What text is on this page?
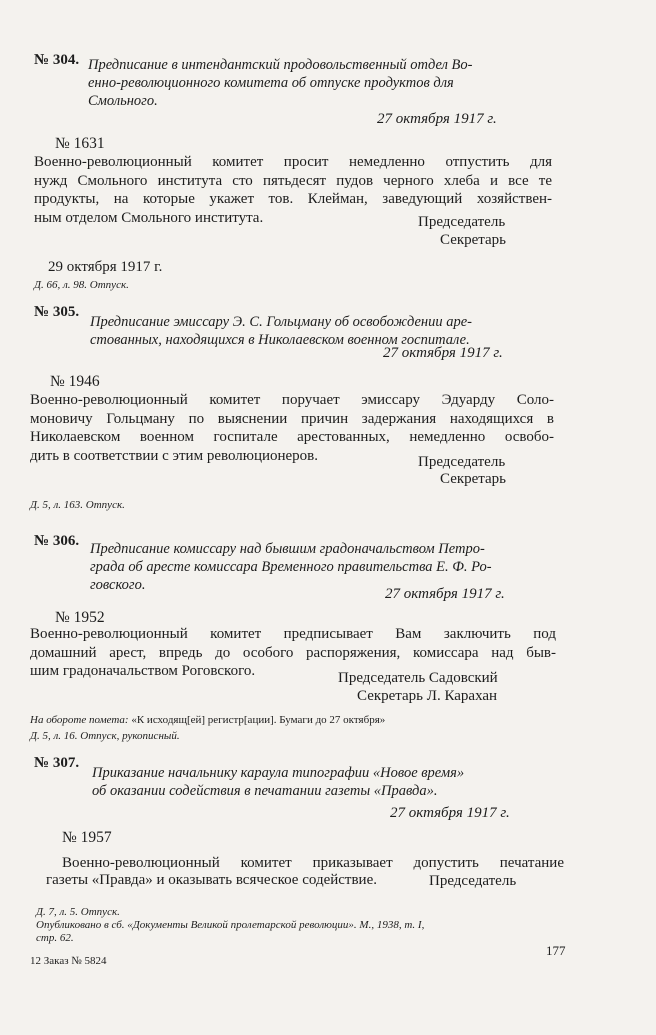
№ 304. Предписание в интендантский продовольственный отдел Во-
енно-революционного комитета об отпуске продуктов для
Смольного.
27 октября 1917 г.
№ 1631
Военно-революционный комитет просит немедленно отпустить для
нужд Смольного института сто пятьдесят пудов черного хлеба и все те
продукты, на которые укажет тов. Клейман, заведующий хозяйствен-
ным отделом Смольного института.	Председатель
Секретарь
29 октября 1917 г.
Д. 66, л. 98. Отпуск.
№ 305.
Предписание эмиссару Э. С. Гольцману об освобождении аре-
стованных, находящихся в Николаевском военном госпитале.
27 октября 1917 г.
№ 1946
Военно-революционный комитет поручает эмиссару Эдуарду Соло-
моновичу Гольцману по выяснении причин задержания находящихся в
Николаевском военном госпитале арестованных, немедленно освобо-
дить в соответствии с этим революционеров.	Председатель
Секретарь
Д. 5, л. 163. Отпуск.
№ 306. Предписание комиссару над бывшим градоначальством Петро-
града об аресте комиссара Временного правительства Е. Ф. Ро-
говского.
27 октября 1917 г.
№ 1952
Военно-революционный комитет предписывает Вам заключить под
домашний арест, впредь до особого распоряжения, комиссара над быв-
шим градоначальством Роговского.	Председатель Садовский
Секретарь Л. Карахан
На обороте помета: «К исходящ[ей] регистр[ации]. Бумаги до 27 октября»
Д. 5, л. 16. Отпуск, рукописный.
№ 307.
Приказание начальнику караула типографии «Новое время»
об оказании содействия в печатании газеты «Правда».
27 октября 1917 г.
№ 1957
Военно-революционный комитет приказывает допустить печатание
газеты «Правда» и оказывать всяческое содействие.	Председатель
Д. 7, л. 5. Отпуск.
Опубликовано в сб. «Документы Великой пролетарской революции». М., 1938, т. I,
стр. 62.
177
12 Заказ № 5824
